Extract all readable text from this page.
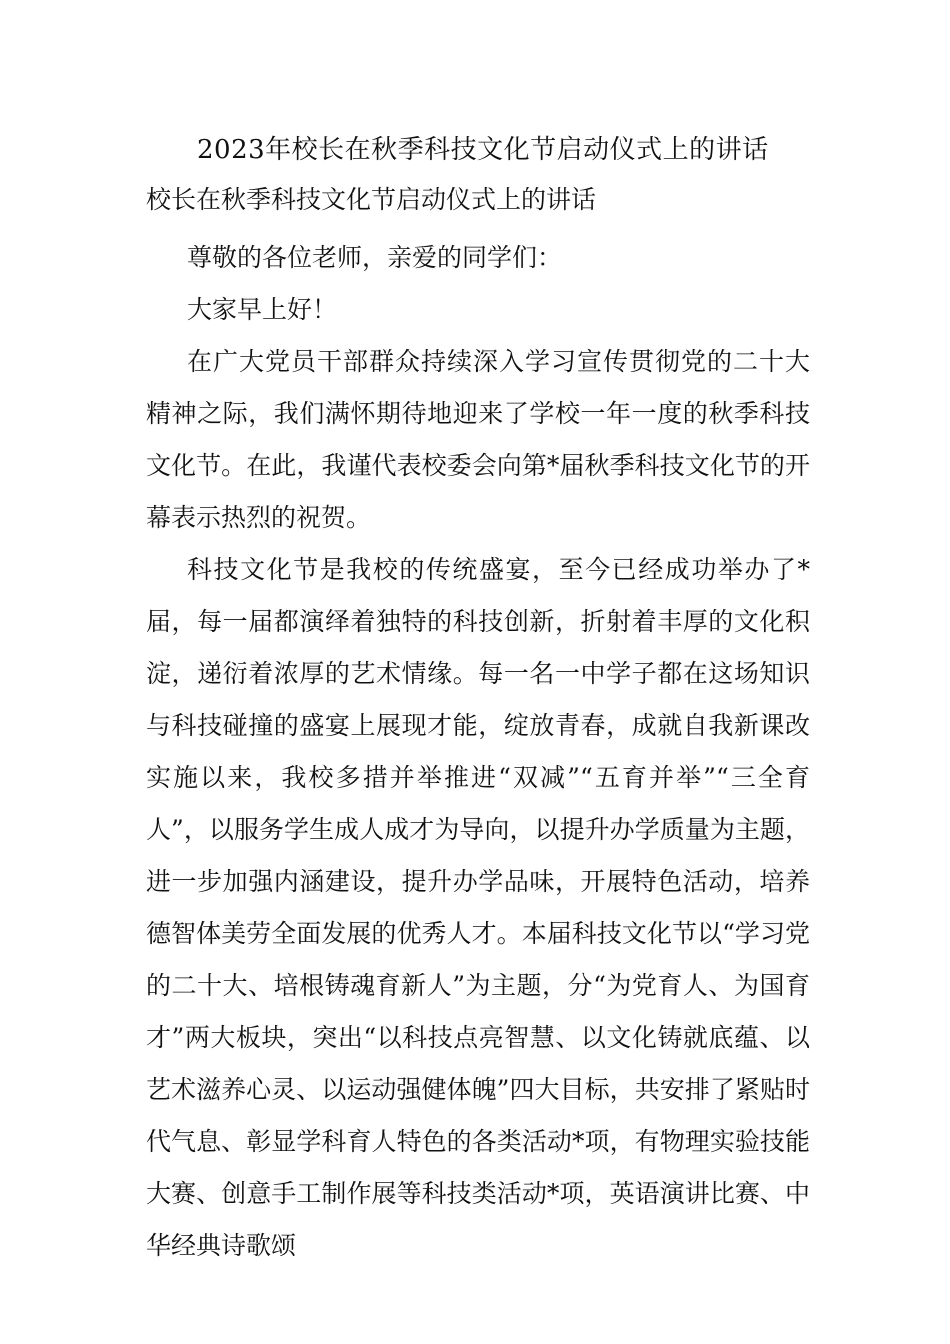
2023年校长在秋季科技文化节启动仪式上的讲话
校长在秋季科技文化节启动仪式上的讲话

尊敬的各位老师，亲爱的同学们：

大家早上好！

在广大党员干部群众持续深入学习宣传贯彻党的二十大精神之际，我们满怀期待地迎来了学校一年一度的秋季科技文化节。在此，我谨代表校委会向第*届秋季科技文化节的开幕表示热烈的祝贺。

科技文化节是我校的传统盛宴，至今已经成功举办了*届，每一届都演绎着独特的科技创新，折射着丰厚的文化积淀，递衍着浓厚的艺术情缘。每一名一中学子都在这场知识与科技碰撞的盛宴上展现才能，绽放青春，成就自我新课改实施以来，我校多措并举推进“双减”“五育并举”“三全育人”，以服务学生成人成才为导向，以提升办学质量为主题，进一步加强内涵建设，提升办学品味，开展特色活动，培养德智体美劳全面发展的优秀人才。本届科技文化节以“学习党的二十大、培根铸魂育新人”为主题，分“为党育人、为国育才”两大板块，突出“以科技点亮智慧、以文化铸就底蕴、以艺术滋养心灵、以运动强健体魄”四大目标，共安排了紧贴时代气息、彰显学科育人特色的各类活动*项，有物理实验技能大赛、创意手工制作展等科技类活动*项，英语演讲比赛、中华经典诗歌颂
